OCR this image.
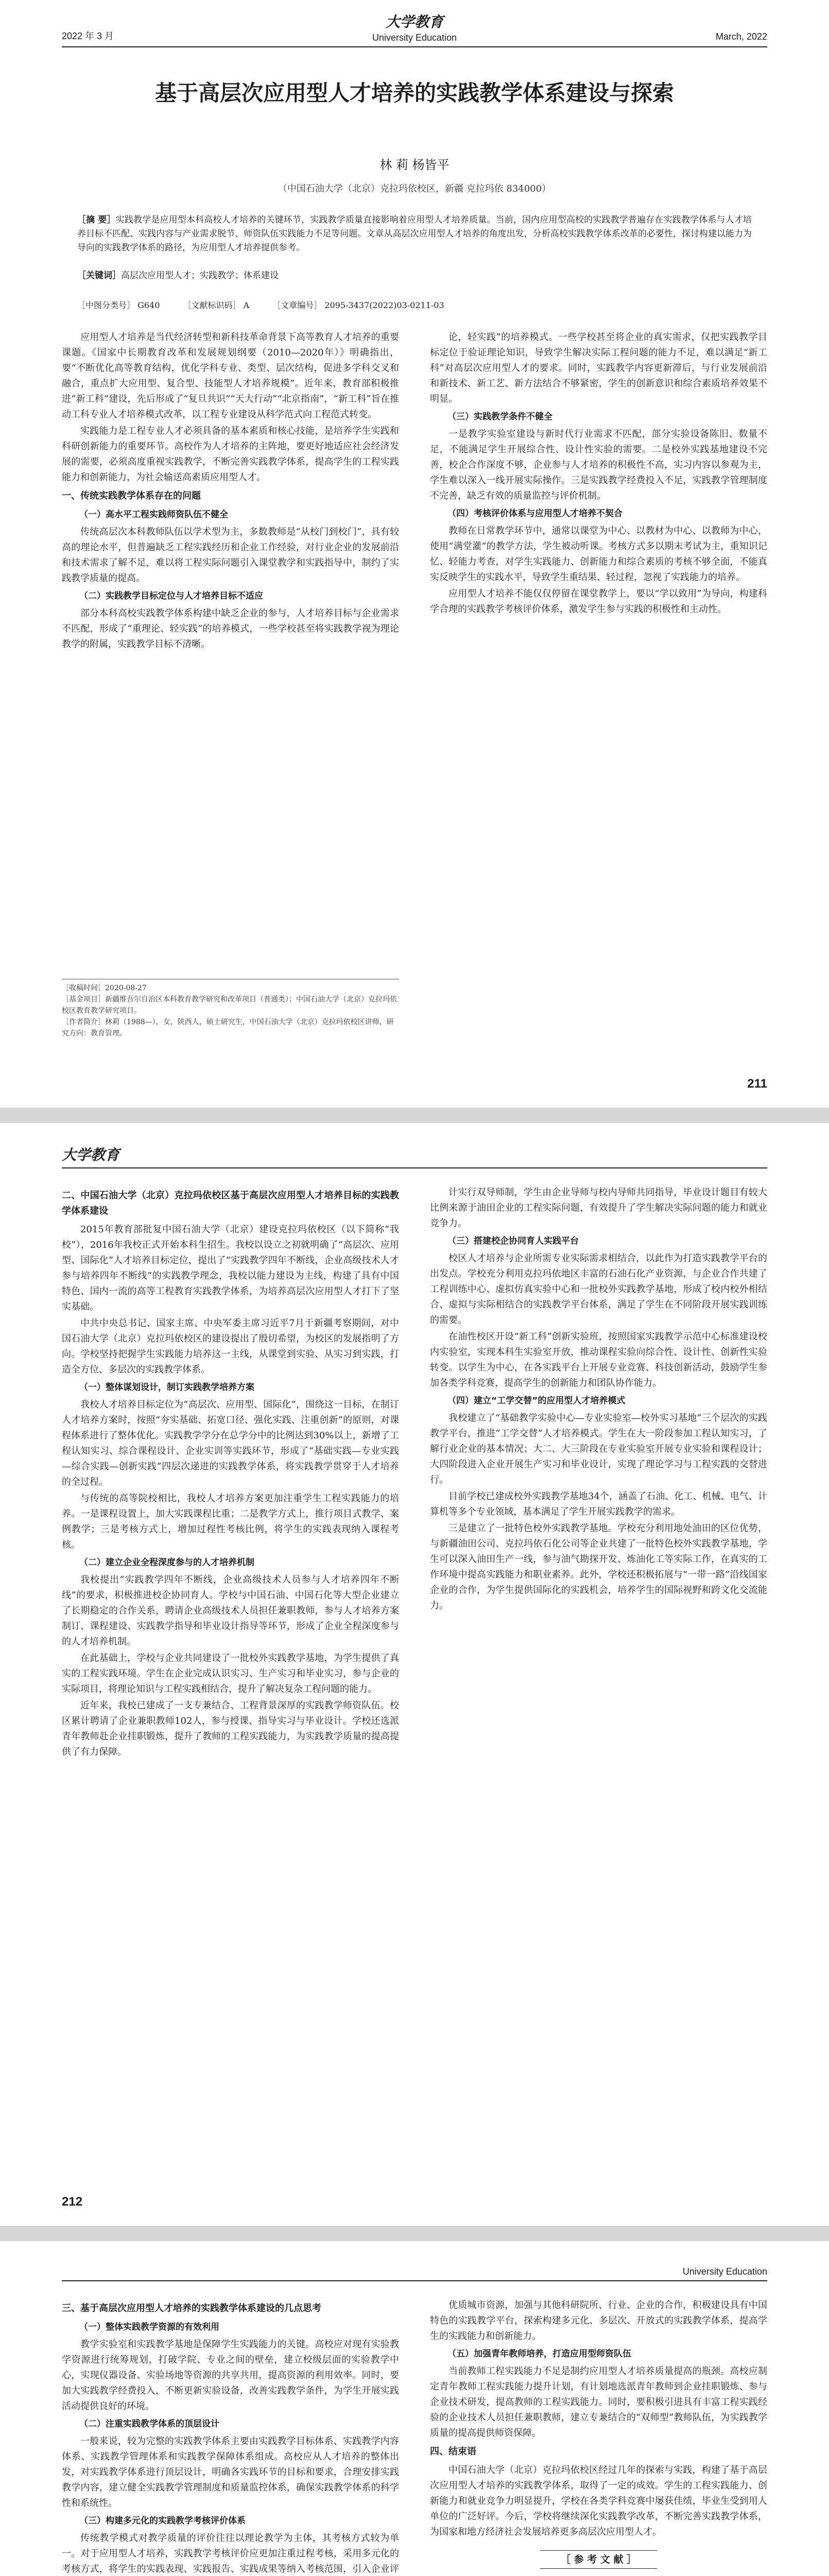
2022 年 3 月
大学教育
University Education	March, 2022
基于高层次应用型人才培养的实践教学体系建设与探索
林 莉 杨皆平
（中国石油大学（北京）克拉玛依校区，新疆 克拉玛依 834000）
［摘 要］实践教学是应用型本科高校人才培养的关键环节，实践教学质量直接影响着应用型人才培养质量。当前，国内应用型高校的实践教学普遍存在实践教学体系与人才培养目标不匹配、实践内容与产业需求脱节、师资队伍实践能力不足等问题。文章从高层次应用型人才培养的角度出发，分析高校实践教学体系改革的必要性，探讨构建以能力为导向的实践教学体系的路径，为应用型人才培养提供参考。
［关键词］高层次应用型人才；实践教学；体系建设
［中图分类号］ G640	［文献标识码］ A	［文章编号］ 2095-3437(2022)03-0211-03

应用型人才培养是当代经济转型和新科技革命背景下高等教育人才培养的重要课题。《国家中长期教育改革和发展规划纲要（2010—2020年）》明确指出，要“不断优化高等教育结构，优化学科专业、类型、层次结构，促进多学科交叉和融合，重点扩大应用型、复合型、技能型人才培养规模”。近年来，教育部积极推进“新工科”建设，先后形成了“复旦共识”“天大行动”“北京指南”，“新工科”旨在推动工科专业人才培养模式改革，以工程专业建设从科学范式向工程范式转变。

实践能力是工程专业人才必须具备的基本素质和核心技能，是培养学生实践和科研创新能力的重要环节。高校作为人才培养的主阵地，要更好地适应社会经济发展的需要，必须高度重视实践教学，不断完善实践教学体系，提高学生的工程实践能力和创新能力，为社会输送高素质应用型人才。

一、传统实践教学体系存在的问题
（一）高水平工程实践师资队伍不健全

传统高层次本科教师队伍以学术型为主，多数教师是“从校门到校门”，具有较高的理论水平，但普遍缺乏工程实践经历和企业工作经验，对行业企业的发展前沿和技术需求了解不足，难以将工程实际问题引入课堂教学和实践指导中，制约了实践教学质量的提高。

（二）实践教学目标定位与人才培养目标不适应

部分本科高校实践教学体系构建中缺乏企业的参与，人才培养目标与企业需求不匹配，形成了“重理论、轻实践”的培养模式，一些学校甚至将实践教学视为理论教学的附属，实践教学目标不清晰。

论，轻实践”的培养模式。一些学校甚至将企业的真实需求，仅把实践教学目标定位于验证理论知识，导致学生解决实际工程问题的能力不足，难以满足“新工科”对高层次应用型人才的要求。同时，实践教学内容更新滞后，与行业发展前沿和新技术、新工艺、新方法结合不够紧密，学生的创新意识和综合素质培养效果不明显。

（三）实践教学条件不健全

一是教学实验室建设与新时代行业需求不匹配，部分实验设备陈旧、数量不足，不能满足学生开展综合性、设计性实验的需要。二是校外实践基地建设不完善，校企合作深度不够，企业参与人才培养的积极性不高，实习内容以参观为主，学生难以深入一线开展实际操作。三是实践教学经费投入不足，实践教学管理制度不完善，缺乏有效的质量监控与评价机制。

（四）考核评价体系与应用型人才培养不契合

教师在日常教学环节中，通常以课堂为中心、以教材为中心、以教师为中心，使用“满堂灌”的教学方法，学生被动听课。考核方式多以期末考试为主，重知识记忆、轻能力考查，对学生实践能力、创新能力和综合素质的考核不够全面，不能真实反映学生的实践水平，导致学生重结果、轻过程，忽视了实践能力的培养。

应用型人才培养不能仅仅停留在课堂教学上，要以“学以致用”为导向，构建科学合理的实践教学考核评价体系，激发学生参与实践的积极性和主动性。

［收稿时间］2020-08-27
［基金项目］新疆维吾尔自治区本科教育教学研究和改革项目（普通类）；中国石油大学（北京）克拉玛依校区教育教学研究项目。
［作者简介］林莉（1988—），女，陕西人，硕士研究生，中国石油大学（北京）克拉玛依校区讲师，研究方向：教育管理。
211
大学教育
二、中国石油大学（北京）克拉玛依校区基于高层次应用型人才培养目标的实践教学体系建设

2015年教育部批复中国石油大学（北京）建设克拉玛依校区（以下简称“我校”），2016年我校正式开始本科生招生。我校以设立之初就明确了“高层次、应用型、国际化”人才培养目标定位，提出了“实践教学四年不断线，企业高级技术人才参与培养四年不断线”的实践教学理念，我校以能力建设为主线，构建了具有中国特色、国内一流的高等工程教育实践教学体系，为培养高层次应用型人才打下了坚实基础。

中共中央总书记、国家主席、中央军委主席习近平7月于新疆考察期间，对中国石油大学（北京）克拉玛依校区的建设提出了殷切希望，为校区的发展指明了方向。学校坚持把握学生实践能力培养这一主线，从课堂到实验、从实习到实践，打造全方位、多层次的实践教学体系。

（一）整体谋划设计，制订实践教学培养方案

我校人才培养目标定位为“高层次、应用型、国际化”，围绕这一目标，在制订人才培养方案时，按照“夯实基础、拓宽口径、强化实践、注重创新”的原则，对课程体系进行了整体优化。实践教学学分在总学分中的比例达到30%以上，新增了工程认知实习、综合课程设计、企业实训等实践环节，形成了“基础实践—专业实践—综合实践—创新实践”四层次递进的实践教学体系，将实践教学贯穿于人才培养的全过程。

与传统的高等院校相比，我校人才培养方案更加注重学生工程实践能力的培养。一是课程设置上，加大实践课程比重；二是教学方式上，推行项目式教学、案例教学；三是考核方式上，增加过程性考核比例，将学生的实践表现纳入课程考核。

（二）建立企业全程深度参与的人才培养机制

我校提出“实践教学四年不断线，企业高级技术人员参与人才培养四年不断线”的要求，积极推进校企协同育人。学校与中国石油、中国石化等大型企业建立了长期稳定的合作关系，聘请企业高级技术人员担任兼职教师，参与人才培养方案制订、课程建设、实践教学指导和毕业设计指导等环节，形成了企业全程深度参与的人才培养机制。

在此基础上，学校与企业共同建设了一批校外实践教学基地，为学生提供了真实的工程实践环境。学生在企业完成认识实习、生产实习和毕业实习，参与企业的实际项目，将理论知识与工程实践相结合，提升了解决复杂工程问题的能力。

近年来，我校已建成了一支专兼结合、工程背景深厚的实践教学师资队伍。校区累计聘请了企业兼职教师102人，参与授课、指导实习与毕业设计。学校还选派青年教师赴企业挂职锻炼，提升了教师的工程实践能力，为实践教学质量的提高提供了有力保障。

计实行双导师制，学生由企业导师与校内导师共同指导，毕业设计题目有较大比例来源于油田企业的工程实际问题，有效提升了学生解决实际问题的能力和就业竞争力。

（三）搭建校企协同育人实践平台

校区人才培养与企业所需专业实际需求相结合，以此作为打造实践教学平台的出发点。学校充分利用克拉玛依地区丰富的石油石化产业资源，与企业合作共建了工程训练中心、虚拟仿真实验中心和一批校外实践教学基地，形成了校内校外相结合、虚拟与实际相结合的实践教学平台体系，满足了学生在不同阶段开展实践训练的需要。

在油性校区开设“新工科”创新实验班，按照国家实践教学示范中心标准建设校内实验室，实现本科生实验室开放，推动课程实验向综合性、设计性、创新性实验转变。以学生为中心，在各实践平台上开展专业竞赛、科技创新活动，鼓励学生参加各类学科竞赛，提高学生的创新能力和团队协作能力。

（四）建立“工学交替”的应用型人才培养模式

我校建立了“基础教学实验中心—专业实验室—校外实习基地”三个层次的实践教学平台，推进“工学交替”人才培养模式。学生在大一阶段参加工程认知实习，了解行业企业的基本情况；大二、大三阶段在专业实验室开展专业实验和课程设计；大四阶段进入企业开展生产实习和毕业设计，实现了理论学习与工程实践的交替进行。

目前学校已建成校外实践教学基地34个，涵盖了石油、化工、机械、电气、计算机等多个专业领域，基本满足了学生开展实践教学的需求。

三是建立了一批特色校外实践教学基地。学校充分利用地处油田的区位优势，与新疆油田公司、克拉玛依石化公司等企业共建了一批特色校外实践教学基地，学生可以深入油田生产一线，参与油气勘探开发、炼油化工等实际工作，在真实的工作环境中提高实践能力和职业素养。此外，学校还积极拓展与“一带一路”沿线国家企业的合作，为学生提供国际化的实践机会，培养学生的国际视野和跨文化交流能力。

212
University Education
三、基于高层次应用型人才培养的实践教学体系建设的几点思考
（一）整体实践教学资源的有效利用

教学实验室和实践教学基地是保障学生实践能力的关键。高校应对现有实验教学资源进行统筹规划，打破学院、专业之间的壁垒，建立校级层面的实验教学中心，实现仪器设备、实验场地等资源的共享共用，提高资源的利用效率。同时，要加大实践教学经费投入，不断更新实验设备，改善实践教学条件，为学生开展实践活动提供良好的环境。

（二）注重实践教学体系的顶层设计

一般来说，较为完整的实践教学体系主要由实践教学目标体系、实践教学内容体系、实践教学管理体系和实践教学保障体系组成。高校应从人才培养的整体出发，对实践教学体系进行顶层设计，明确各实践环节的目标和要求，合理安排实践教学内容，建立健全实践教学管理制度和质量监控体系，确保实践教学体系的科学性和系统性。

（三）构建多元化的实践教学考核评价体系

传统教学模式对教学质量的评价往往以理论教学为主体，其考核方式较为单一。对于应用型人才培养，实践教学考核评价应更加注重过程考核，采用多元化的考核方式，将学生的实践表现、实践报告、实践成果等纳入考核范围，引入企业评

优质城市资源，加强与其他科研院所、行业、企业的合作，积极建设具有中国特色的实践教学平台，探索构建多元化、多层次、开放式的实践教学体系，提高学生的实践能力和创新能力。

（五）加强青年教师培养，打造应用型师资队伍

当前教师工程实践能力不足是制约应用型人才培养质量提高的瓶颈。高校应制定青年教师工程实践能力提升计划，有计划地选派青年教师到企业挂职锻炼、参与企业技术研发，提高教师的工程实践能力。同时，要积极引进具有丰富工程实践经验的企业技术人员担任兼职教师，建立专兼结合的“双师型”教师队伍，为实践教学质量的提高提供师资保障。

四、结束语

中国石油大学（北京）克拉玛依校区经过几年的探索与实践，构建了基于高层次应用型人才培养的实践教学体系，取得了一定的成效。学生的工程实践能力、创新能力和就业竞争力明显提升，学校在各类学科竞赛中屡获佳绩，毕业生受到用人单位的广泛好评。今后，学校将继续深化实践教学改革，不断完善实践教学体系，为国家和地方经济社会发展培养更多高层次应用型人才。

［ 参 考 文 献 ］
